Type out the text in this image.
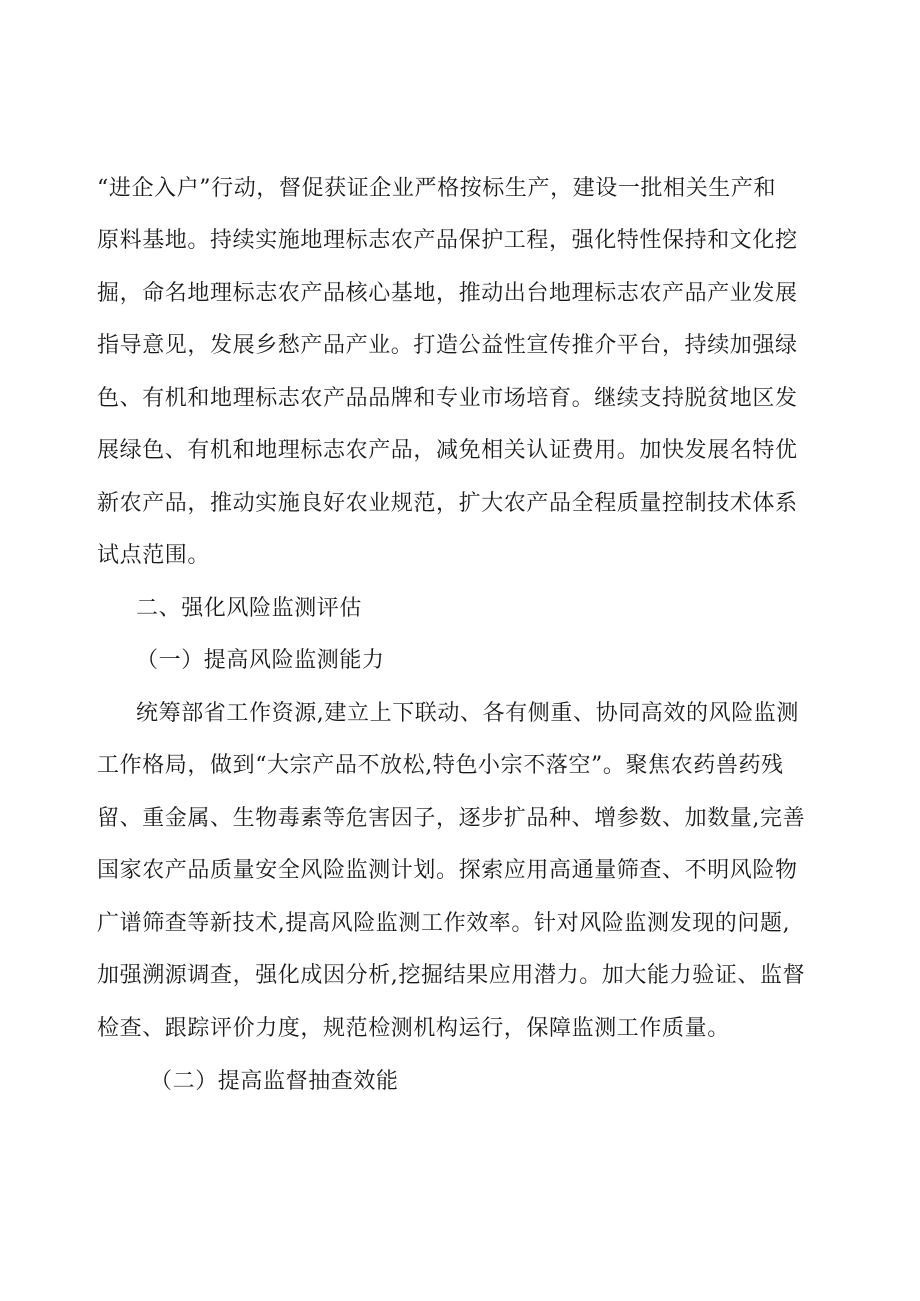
“进企入户”行动，督促获证企业严格按标生产，建设一批相关生产和
原料基地。持续实施地理标志农产品保护工程，强化特性保持和文化挖
掘，命名地理标志农产品核心基地，推动出台地理标志农产品产业发展
指导意见，发展乡愁产品产业。打造公益性宣传推介平台，持续加强绿
色、有机和地理标志农产品品牌和专业市场培育。继续支持脱贫地区发
展绿色、有机和地理标志农产品，减免相关认证费用。加快发展名特优
新农产品，推动实施良好农业规范，扩大农产品全程质量控制技术体系
试点范围。
二、强化风险监测评估
（一）提高风险监测能力
统筹部省工作资源,建立上下联动、各有侧重、协同高效的风险监测
工作格局，做到“大宗产品不放松,特色小宗不落空”。聚焦农药兽药残
留、重金属、生物毒素等危害因子，逐步扩品种、增参数、加数量,完善
国家农产品质量安全风险监测计划。探索应用高通量筛查、不明风险物
广谱筛查等新技术,提高风险监测工作效率。针对风险监测发现的问题,
加强溯源调查，强化成因分析,挖掘结果应用潜力。加大能力验证、监督
检查、跟踪评价力度，规范检测机构运行，保障监测工作质量。
（二）提高监督抽查效能
